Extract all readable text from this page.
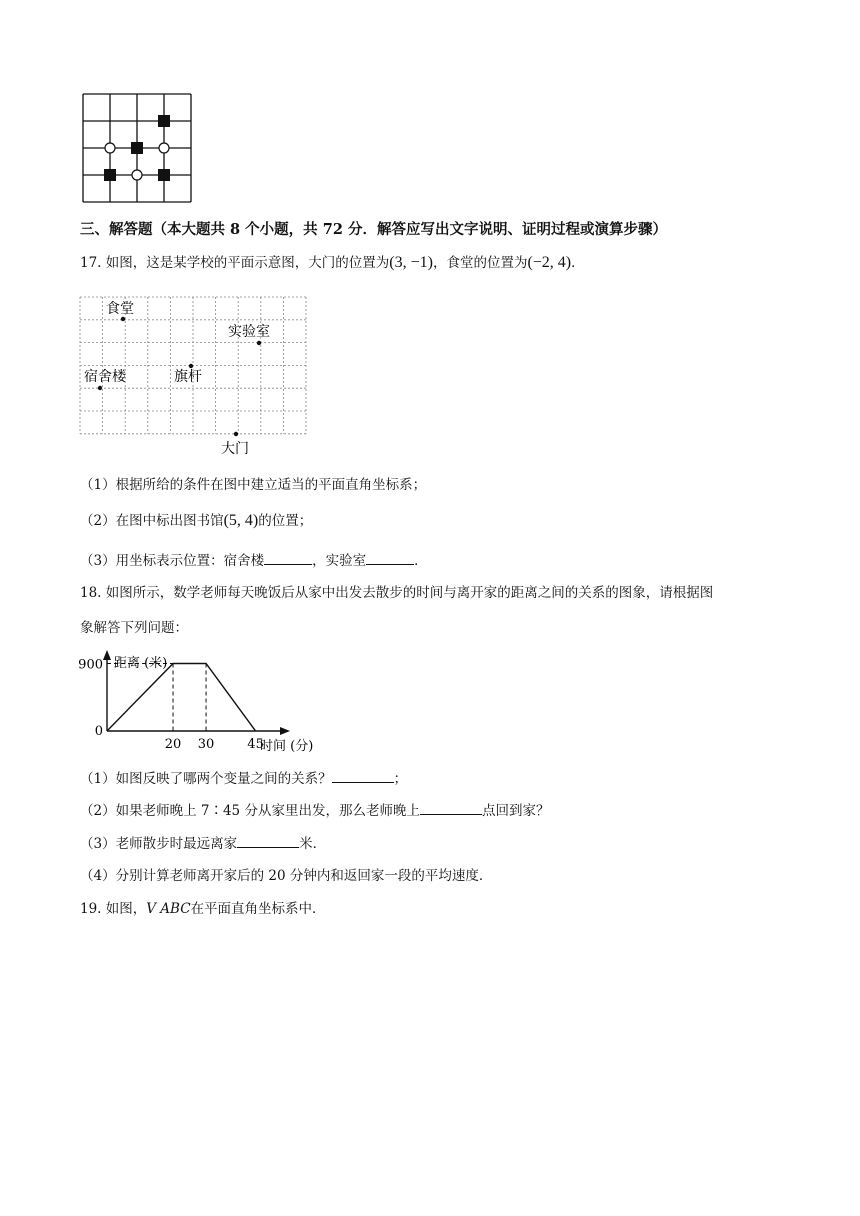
三、解答题（本大题共 8 个小题，共 72 分．解答应写出文字说明、证明过程或演算步骤）
17. 如图，这是某学校的平面示意图，大门的位置为(3, −1)，食堂的位置为(−2, 4)．
食堂
实验室
宿舍楼	旗杆
大门
（1）根据所给的条件在图中建立适当的平面直角坐标系；
（2）在图中标出图书馆(5, 4)的位置；
（3）用坐标表示位置：宿舍楼	，实验室	．
18. 如图所示，数学老师每天晚饭后从家中出发去散步的时间与离开家的距离之间的关系的图象，请根据图
象解答下列问题：
20 30	45
900
0
距离 (米)
时间 (分)
（1）如图反映了哪两个变量之间的关系？	；
（2）如果老师晚上 7∶45 分从家里出发，那么老师晚上	点回到家？
（3）老师散步时最远离家	米．
（4）分别计算老师离开家后的 20 分钟内和返回家一段的平均速度．
19. 如图，V ABC在平面直角坐标系中．
